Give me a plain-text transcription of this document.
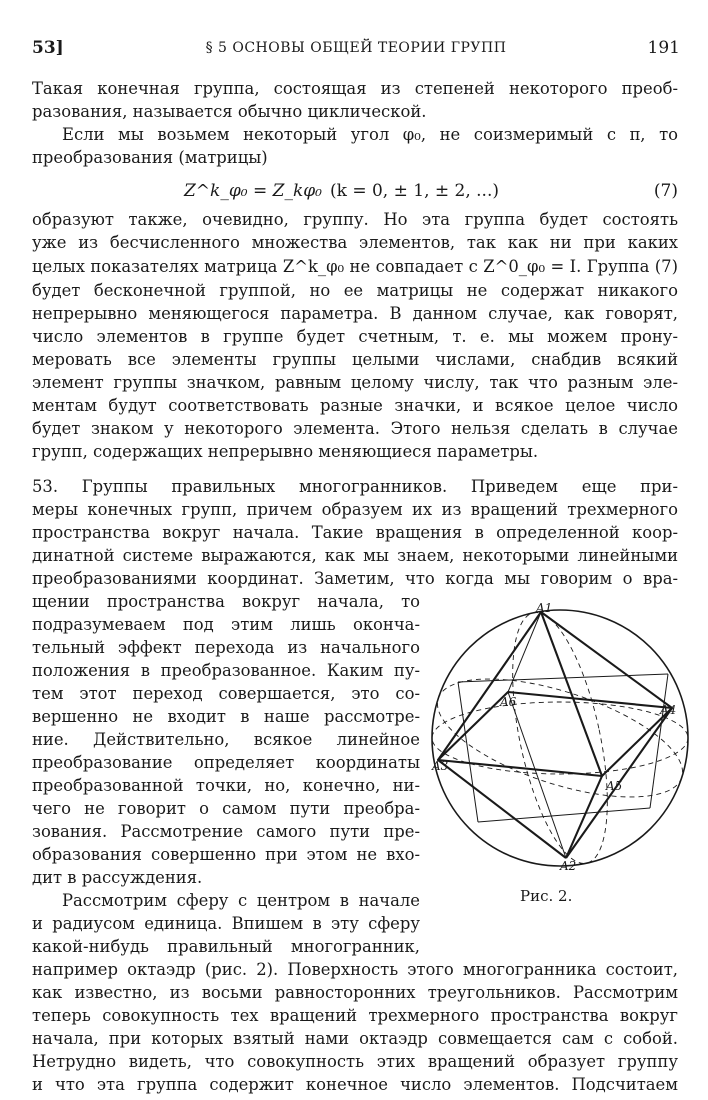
53]	§ 5 ОСНОВЫ ОБЩЕЙ ТЕОРИИ ГРУПП	191
Такая конечная группа, состоящая из степеней некоторого преоб-
разования, называется обычно циклической.
Если мы возьмем некоторый угол φ₀, не соизмеримый с π, то
преобразования (матрицы)
Z^k_φ₀ = Z_kφ₀ (k = 0, ± 1, ± 2, ...)	(7)
образуют также, очевидно, группу. Но эта группа будет состоять
уже из бесчисленного множества элементов, так как ни при каких
целых показателях матрица Z^k_φ₀ не совпадает с Z^0_φ₀ = I. Группа (7)
будет бесконечной группой, но ее матрицы не содержат никакого
непрерывно меняющегося параметра. В данном случае, как говорят,
число элементов в группе будет счетным, т. е. мы можем прону-
меровать все элементы группы целыми числами, снабдив всякий
элемент группы значком, равным целому числу, так что разным эле-
ментам будут соответствовать разные значки, и всякое целое число
будет знаком у некоторого элемента. Этого нельзя сделать в случае
групп, содержащих непрерывно меняющиеся параметры.
53. Группы правильных многогранников. Приведем еще при-
меры конечных групп, причем образуем их из вращений трехмерного
пространства вокруг начала. Такие вращения в определенной коор-
динатной системе выражаются, как мы знаем, некоторыми линейными
преобразованиями координат. Заметим, что когда мы говорим о вра-
щении пространства вокруг начала, то
подразумеваем под этим лишь оконча-
тельный эффект перехода из начального
положения в преобразованное. Каким пу-
тем этот переход совершается, это со-
вершенно не входит в наше рассмотре-
ние. Действительно, всякое линейное
преобразование определяет координаты
преобразованной точки, но, конечно, ни-
чего не говорит о самом пути преобра-
зования. Рассмотрение самого пути пре-
образования совершенно при этом не вхо-
дит в рассуждения.
Рассмотрим сферу с центром в начале
и радиусом единица. Впишем в эту сферу
какой-нибудь правильный многогранник,
например октаэдр (рис. 2). Поверхность этого многогранника состоит,
как известно, из восьми равносторонних треугольников. Рассмотрим
теперь совокупность тех вращений трехмерного пространства вокруг
начала, при которых взятый нами октаэдр совмещается сам с собой.
Нетрудно видеть, что совокупность этих вращений образует группу
и что эта группа содержит конечное число элементов. Подсчитаем
A1
A2
A3
A4
A5
A6
Рис. 2.
